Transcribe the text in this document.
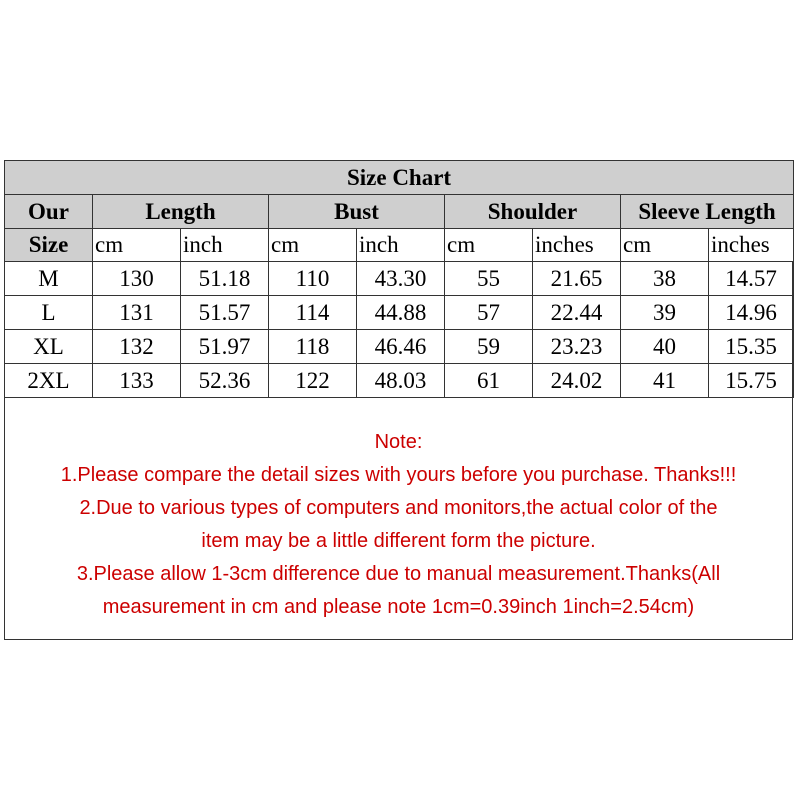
Size Chart								
Our	Length		Bust		Shoulder		Sleeve Length	
Size	cm	inch	cm	inch	cm	inches	cm	inches
M	130	51.18	110	43.30	55	21.65	38	14.57
L	131	51.57	114	44.88	57	22.44	39	14.96
XL	132	51.97	118	46.46	59	23.23	40	15.35
2XL	133	52.36	122	48.03	61	24.02	41	15.75
Note:
1.Please compare the detail sizes with yours before you purchase. Thanks!!!
2.Due to various types of computers and monitors,the actual color of the
item may be a little different form the picture.
3.Please allow 1-3cm difference due to manual measurement.Thanks(All
measurement in cm and please note 1cm=0.39inch 1inch=2.54cm)
